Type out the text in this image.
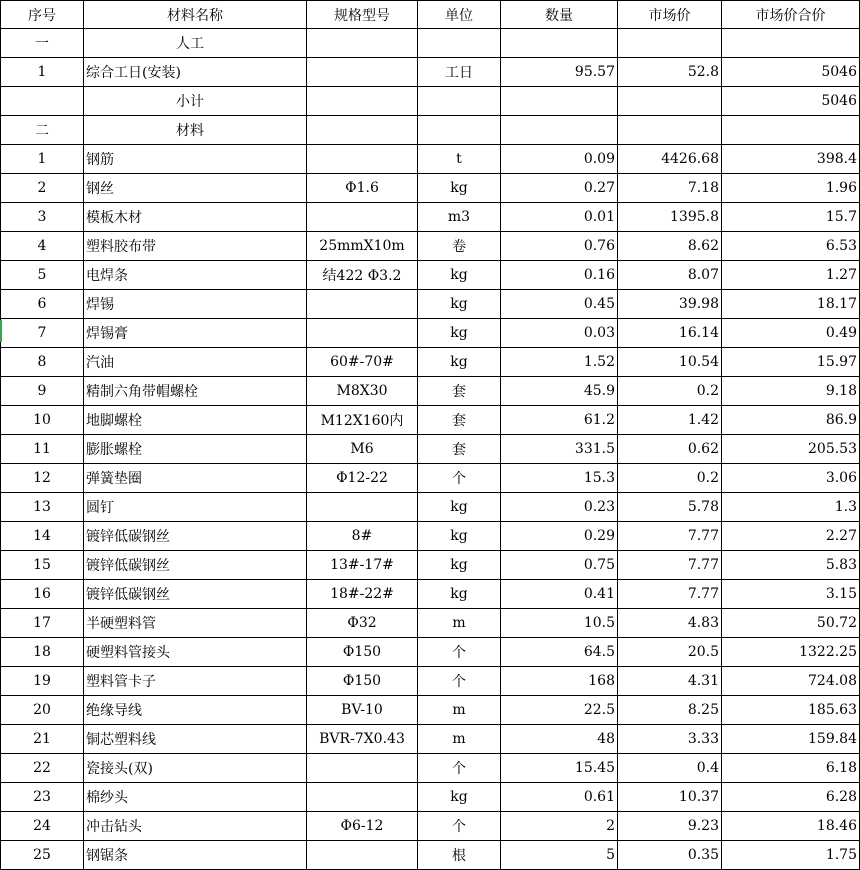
序号	材料名称	规格型号	单位	数量	市场价	市场价合价
一	人工					
1	综合工日(安装)		工日	95.57	52.8	5046
	小计					5046
二	材料					
1	钢筋		t	0.09	4426.68	398.4
2	钢丝	Φ1.6	kg	0.27	7.18	1.96
3	模板木材		m3	0.01	1395.8	15.7
4	塑料胶布带	25mmX10m	卷	0.76	8.62	6.53
5	电焊条	结422 Φ3.2	kg	0.16	8.07	1.27
6	焊锡		kg	0.45	39.98	18.17
7	焊锡膏		kg	0.03	16.14	0.49
8	汽油	60#-70#	kg	1.52	10.54	15.97
9	精制六角带帽螺栓	M8X30	套	45.9	0.2	9.18
10	地脚螺栓	M12X160内	套	61.2	1.42	86.9
11	膨胀螺栓	M6	套	331.5	0.62	205.53
12	弹簧垫圈	Φ12-22	个	15.3	0.2	3.06
13	圆钉		kg	0.23	5.78	1.3
14	镀锌低碳钢丝	8#	kg	0.29	7.77	2.27
15	镀锌低碳钢丝	13#-17#	kg	0.75	7.77	5.83
16	镀锌低碳钢丝	18#-22#	kg	0.41	7.77	3.15
17	半硬塑料管	Φ32	m	10.5	4.83	50.72
18	硬塑料管接头	Φ150	个	64.5	20.5	1322.25
19	塑料管卡子	Φ150	个	168	4.31	724.08
20	绝缘导线	BV-10	m	22.5	8.25	185.63
21	铜芯塑料线	BVR-7X0.43	m	48	3.33	159.84
22	瓷接头(双)		个	15.45	0.4	6.18
23	棉纱头		kg	0.61	10.37	6.28
24	冲击钻头	Φ6-12	个	2	9.23	18.46
25	钢锯条		根	5	0.35	1.75
